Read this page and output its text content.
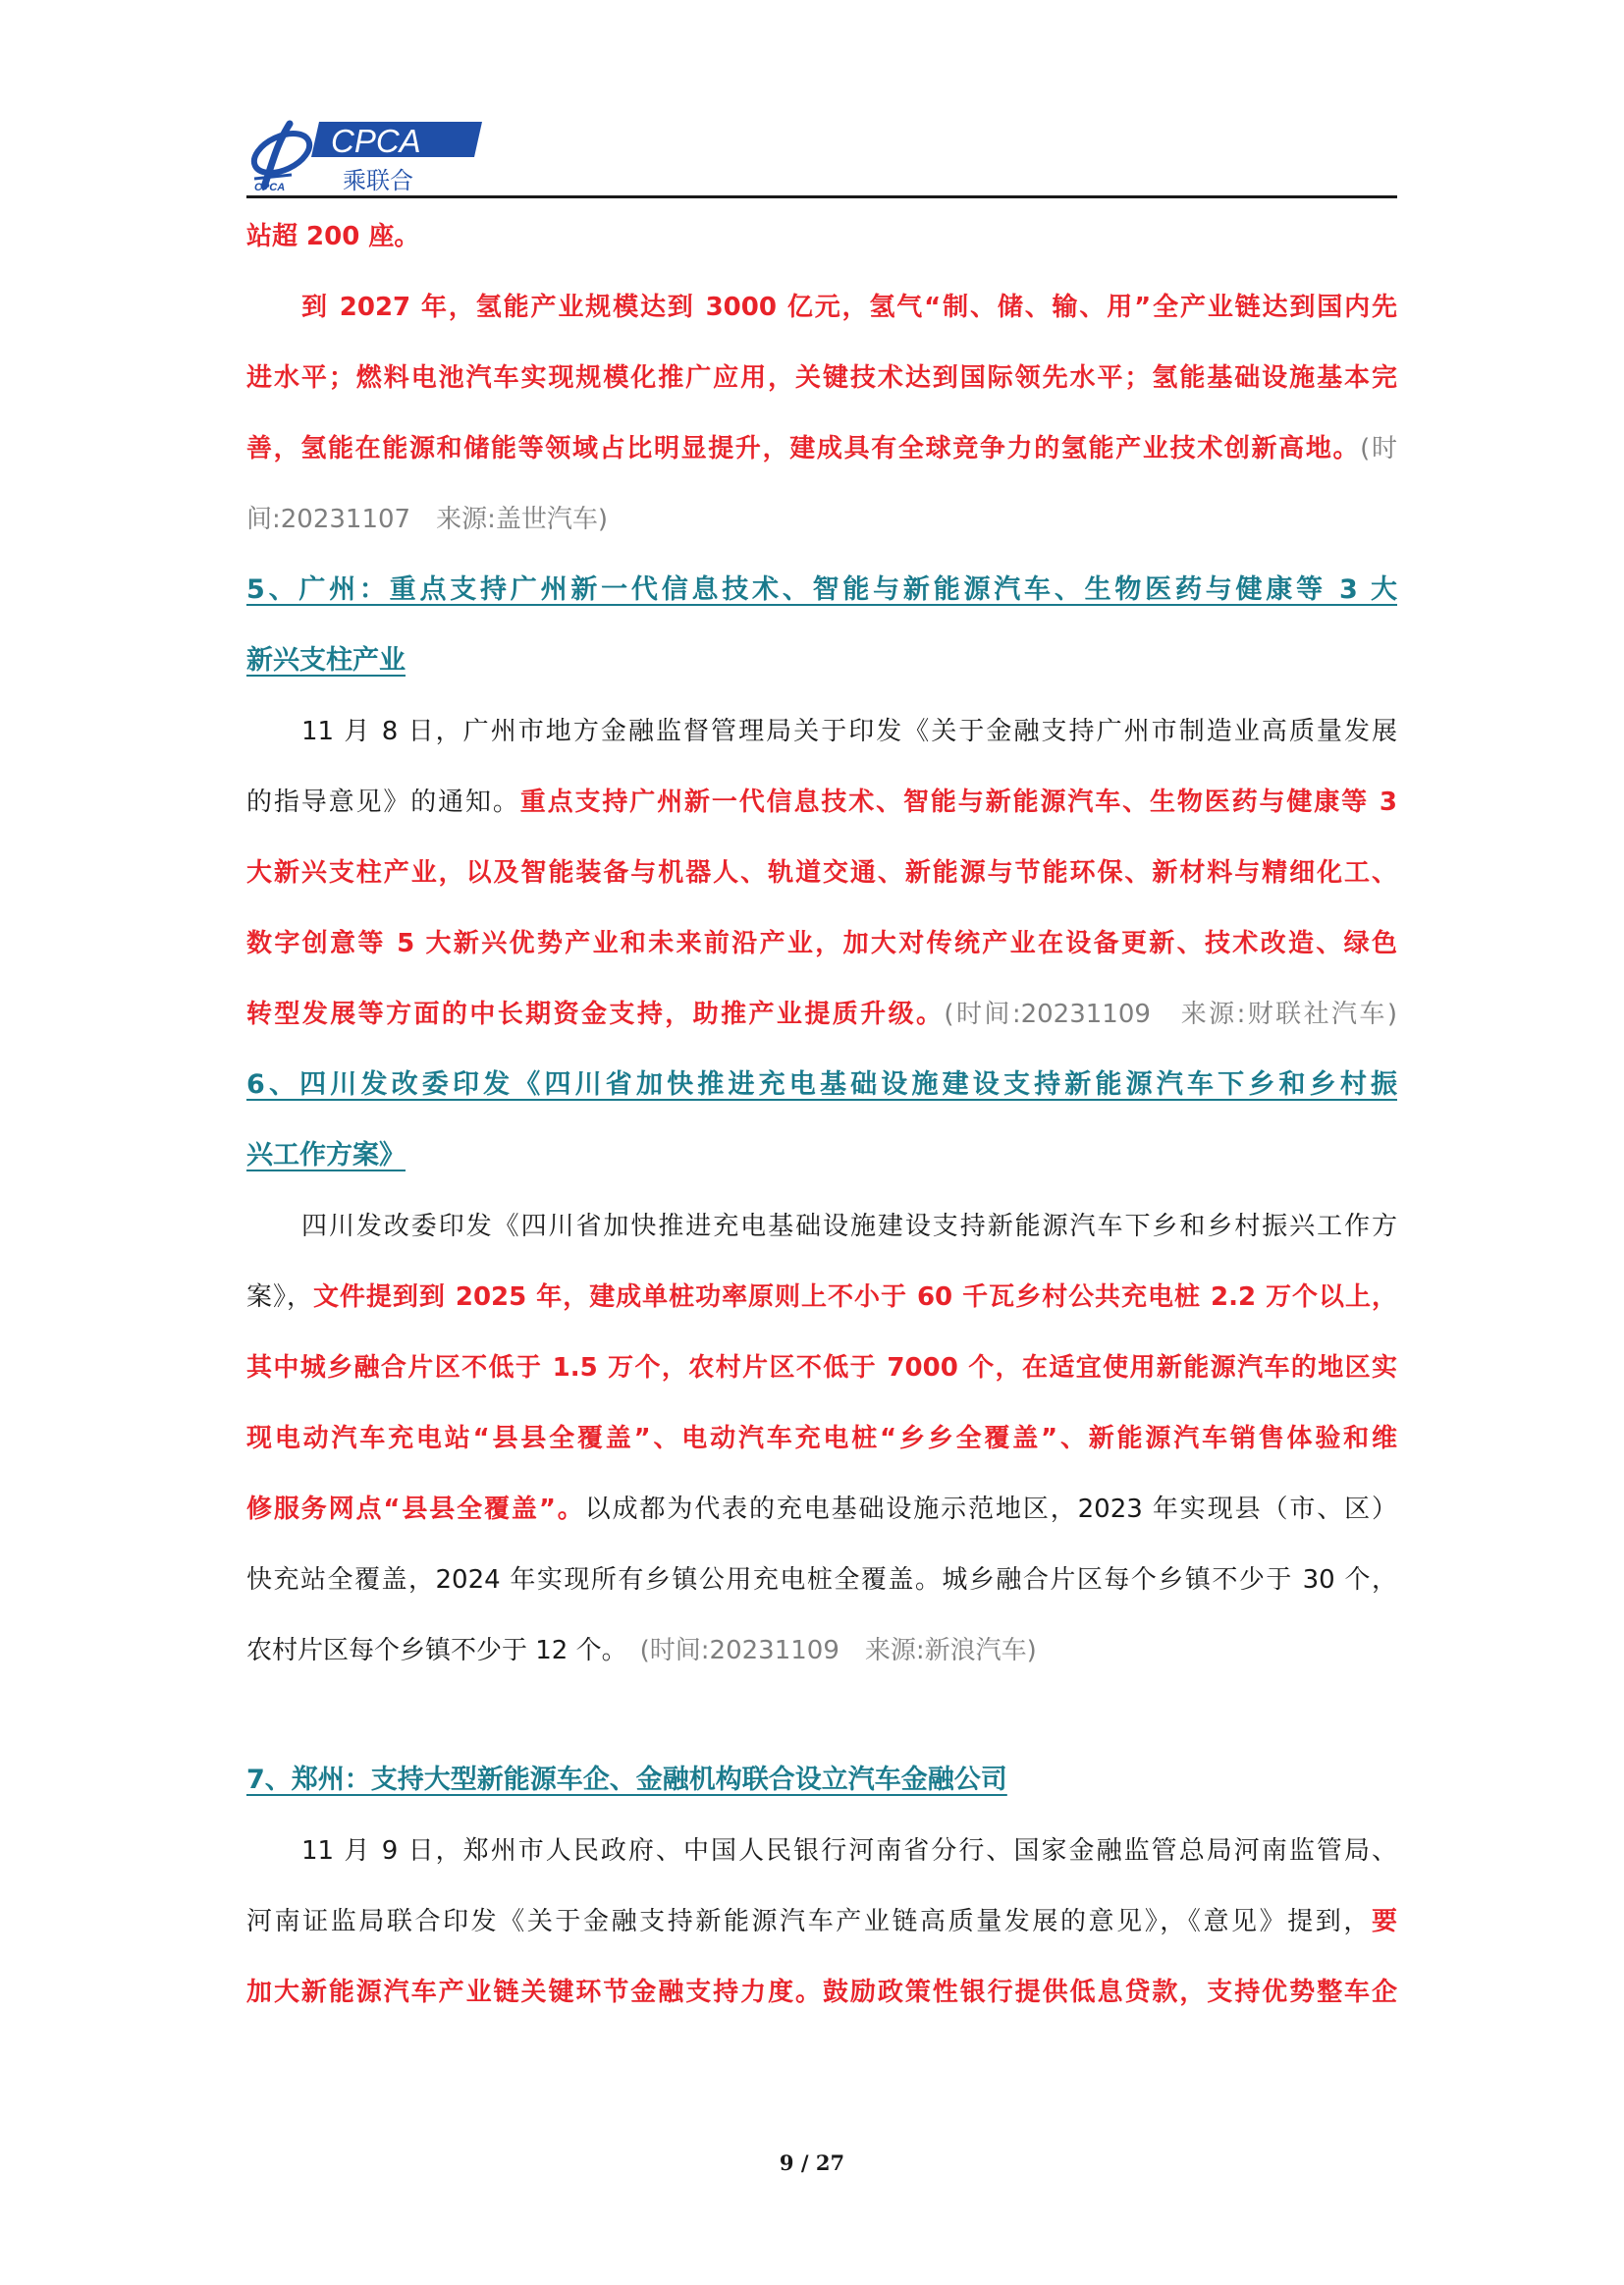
CPCA
CPCA
乘联合
站超 200 座。
到 2027 年，氢能产业规模达到 3000 亿元，氢气“制、储、输、用”全产业链达到国内先
进水平；燃料电池汽车实现规模化推广应用，关键技术达到国际领先水平；氢能基础设施基本完
善，氢能在能源和储能等领域占比明显提升，建成具有全球竞争力的氢能产业技术创新高地。(时
间:20231107　来源:盖世汽车)
5、广州：重点支持广州新一代信息技术、智能与新能源汽车、生物医药与健康等 3 大
新兴支柱产业
11 月 8 日，广州市地方金融监督管理局关于印发《关于金融支持广州市制造业高质量发展
的指导意见》的通知。重点支持广州新一代信息技术、智能与新能源汽车、生物医药与健康等 3
大新兴支柱产业，以及智能装备与机器人、轨道交通、新能源与节能环保、新材料与精细化工、
数字创意等 5 大新兴优势产业和未来前沿产业，加大对传统产业在设备更新、技术改造、绿色
转型发展等方面的中长期资金支持，助推产业提质升级。(时间:20231109　来源:财联社汽车)
6、四川发改委印发《四川省加快推进充电基础设施建设支持新能源汽车下乡和乡村振
兴工作方案》
四川发改委印发《四川省加快推进充电基础设施建设支持新能源汽车下乡和乡村振兴工作方
案》，文件提到到 2025 年，建成单桩功率原则上不小于 60 千瓦乡村公共充电桩 2.2 万个以上，
其中城乡融合片区不低于 1.5 万个，农村片区不低于 7000 个，在适宜使用新能源汽车的地区实
现电动汽车充电站“县县全覆盖”、电动汽车充电桩“乡乡全覆盖”、新能源汽车销售体验和维
修服务网点“县县全覆盖”。以成都为代表的充电基础设施示范地区，2023 年实现县（市、区）
快充站全覆盖，2024 年实现所有乡镇公用充电桩全覆盖。城乡融合片区每个乡镇不少于 30 个，
农村片区每个乡镇不少于 12 个。　 (时间:20231109　来源:新浪汽车)
7、郑州：支持大型新能源车企、金融机构联合设立汽车金融公司
11 月 9 日，郑州市人民政府、中国人民银行河南省分行、国家金融监管总局河南监管局、
河南证监局联合印发《关于金融支持新能源汽车产业链高质量发展的意见》，《意见》提到，要
加大新能源汽车产业链关键环节金融支持力度。鼓励政策性银行提供低息贷款，支持优势整车企
9 / 27
